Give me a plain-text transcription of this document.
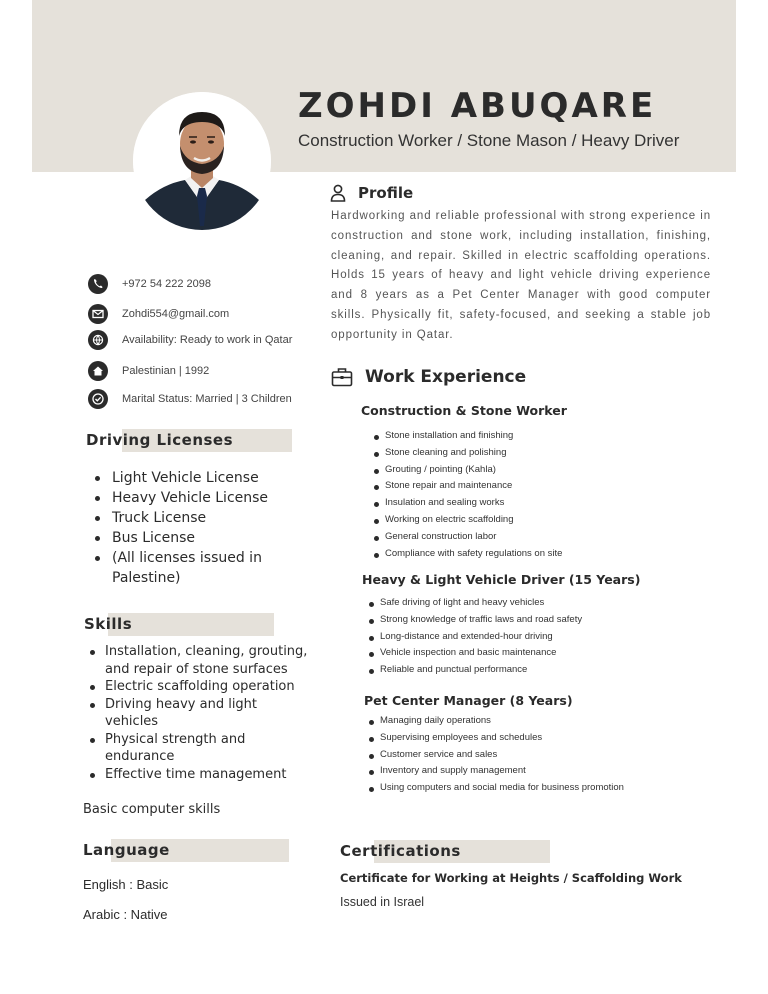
ZOHDI ABUQARE
Construction Worker / Stone Mason / Heavy Driver
+972 54 222 2098
Zohdi554@gmail.com
Availability: Ready to work in Qatar
Palestinian | 1992
Marital Status: Married | 3 Children
Driving Licenses
Light Vehicle License
Heavy Vehicle License
Truck License
Bus License
(All licenses issued in Palestine)
Skills
Installation, cleaning, grouting, and repair of stone surfaces
Electric scaffolding operation
Driving heavy and light vehicles
Physical strength and endurance
Effective time management
Basic computer skills
Language
English : Basic
Arabic : Native
Profile
Hardworking and reliable professional with strong experience in construction and stone work, including installation, finishing, cleaning, and repair. Skilled in electric scaffolding operations. Holds 15 years of heavy and light vehicle driving experience and 8 years as a Pet Center Manager with good computer skills. Physically fit, safety-focused, and seeking a stable job opportunity in Qatar.
Work Experience
Construction & Stone Worker
Stone installation and finishing
Stone cleaning and polishing
Grouting / pointing (Kahla)
Stone repair and maintenance
Insulation and sealing works
Working on electric scaffolding
General construction labor
Compliance with safety regulations on site
Heavy & Light Vehicle Driver (15 Years)
Safe driving of light and heavy vehicles
Strong knowledge of traffic laws and road safety
Long-distance and extended-hour driving
Vehicle inspection and basic maintenance
Reliable and punctual performance
Pet Center Manager (8 Years)
Managing daily operations
Supervising employees and schedules
Customer service and sales
Inventory and supply management
Using computers and social media for business promotion
Certifications
Certificate for Working at Heights / Scaffolding Work
Issued in Israel
